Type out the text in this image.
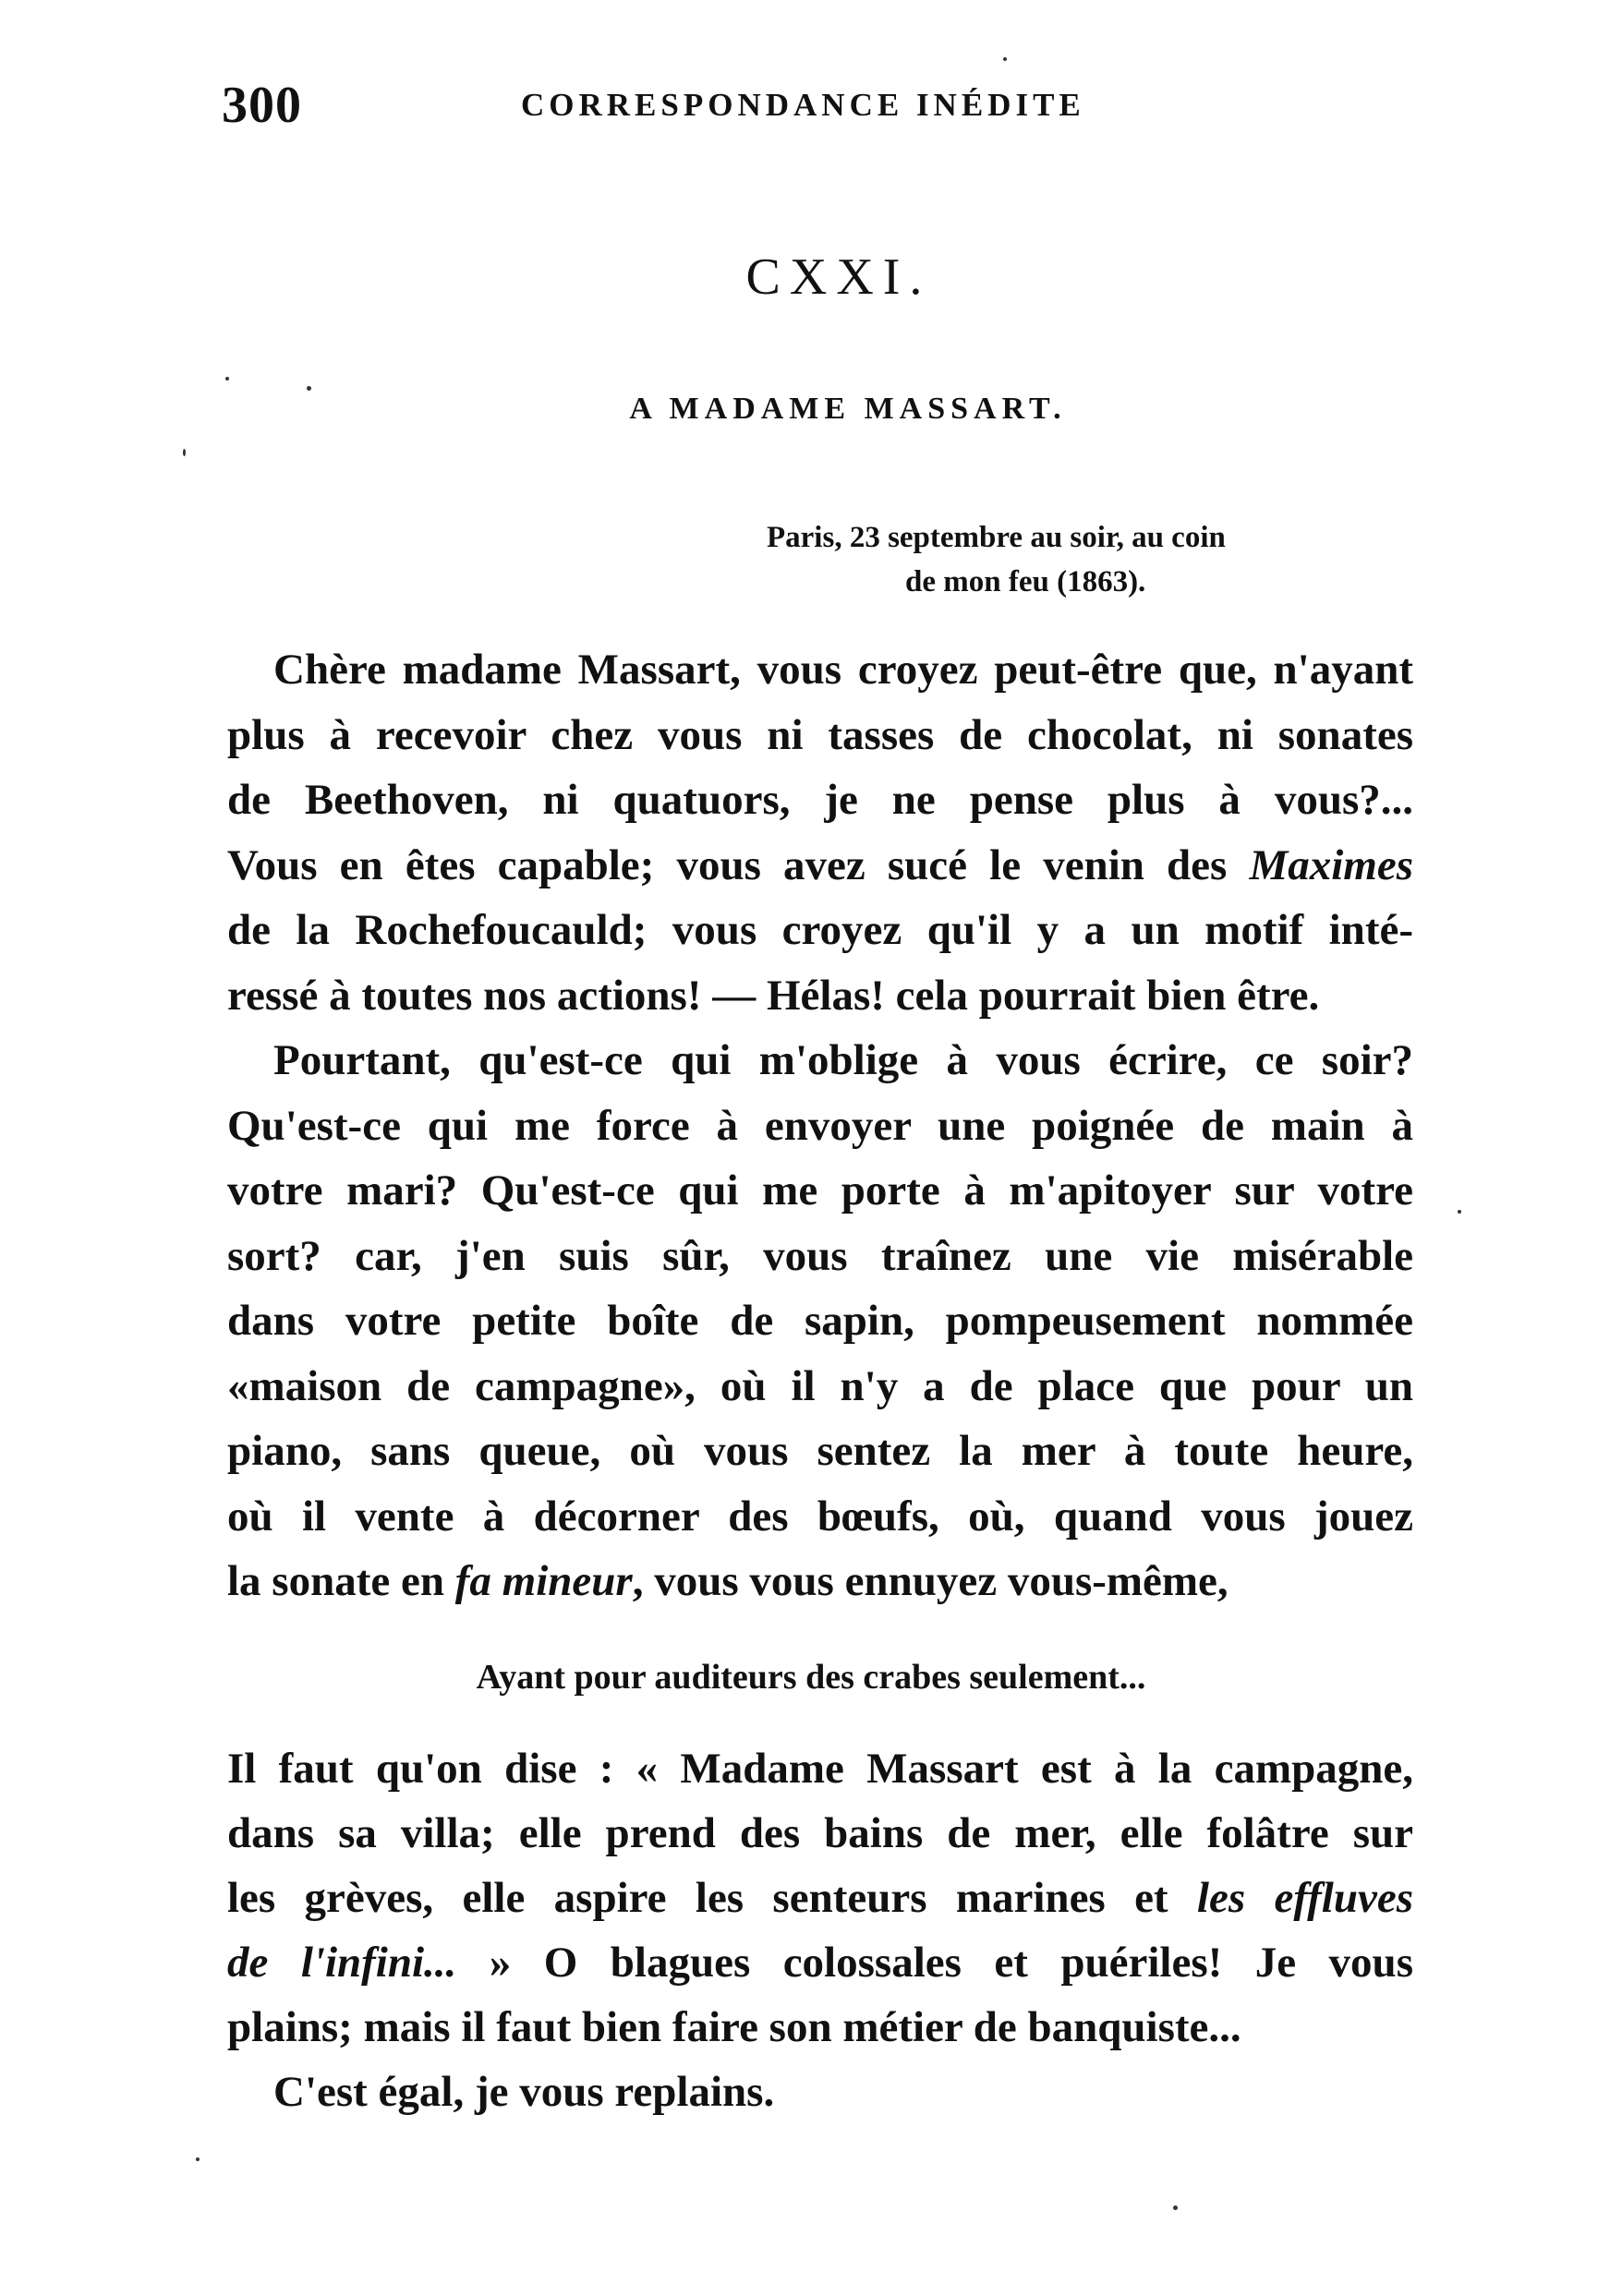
300	CORRESPONDANCE INÉDITE
CXXI.
A MADAME MASSART.
Paris, 23 septembre au soir, au coin
de mon feu (1863).
Chère madame Massart, vous croyez peut-être que, n'ayant
plus à recevoir chez vous ni tasses de chocolat, ni sonates
de Beethoven, ni quatuors, je ne pense plus à vous?...
Vous en êtes capable; vous avez sucé le venin des Maximes
de la Rochefoucauld; vous croyez qu'il y a un motif inté-
ressé à toutes nos actions! — Hélas! cela pourrait bien être.
Pourtant, qu'est-ce qui m'oblige à vous écrire, ce soir?
Qu'est-ce qui me force à envoyer une poignée de main à
votre mari? Qu'est-ce qui me porte à m'apitoyer sur votre
sort? car, j'en suis sûr, vous traînez une vie misérable
dans votre petite boîte de sapin, pompeusement nommée
«maison de campagne», où il n'y a de place que pour un
piano, sans queue, où vous sentez la mer à toute heure,
où il vente à décorner des bœufs, où, quand vous jouez
la sonate en fa mineur, vous vous ennuyez vous-même,
Ayant pour auditeurs des crabes seulement...
Il faut qu'on dise : « Madame Massart est à la campagne,
dans sa villa; elle prend des bains de mer, elle folâtre sur
les grèves, elle aspire les senteurs marines et les effluves
de l'infini... » O blagues colossales et puériles! Je vous
plains; mais il faut bien faire son métier de banquiste...
C'est égal, je vous replains.
